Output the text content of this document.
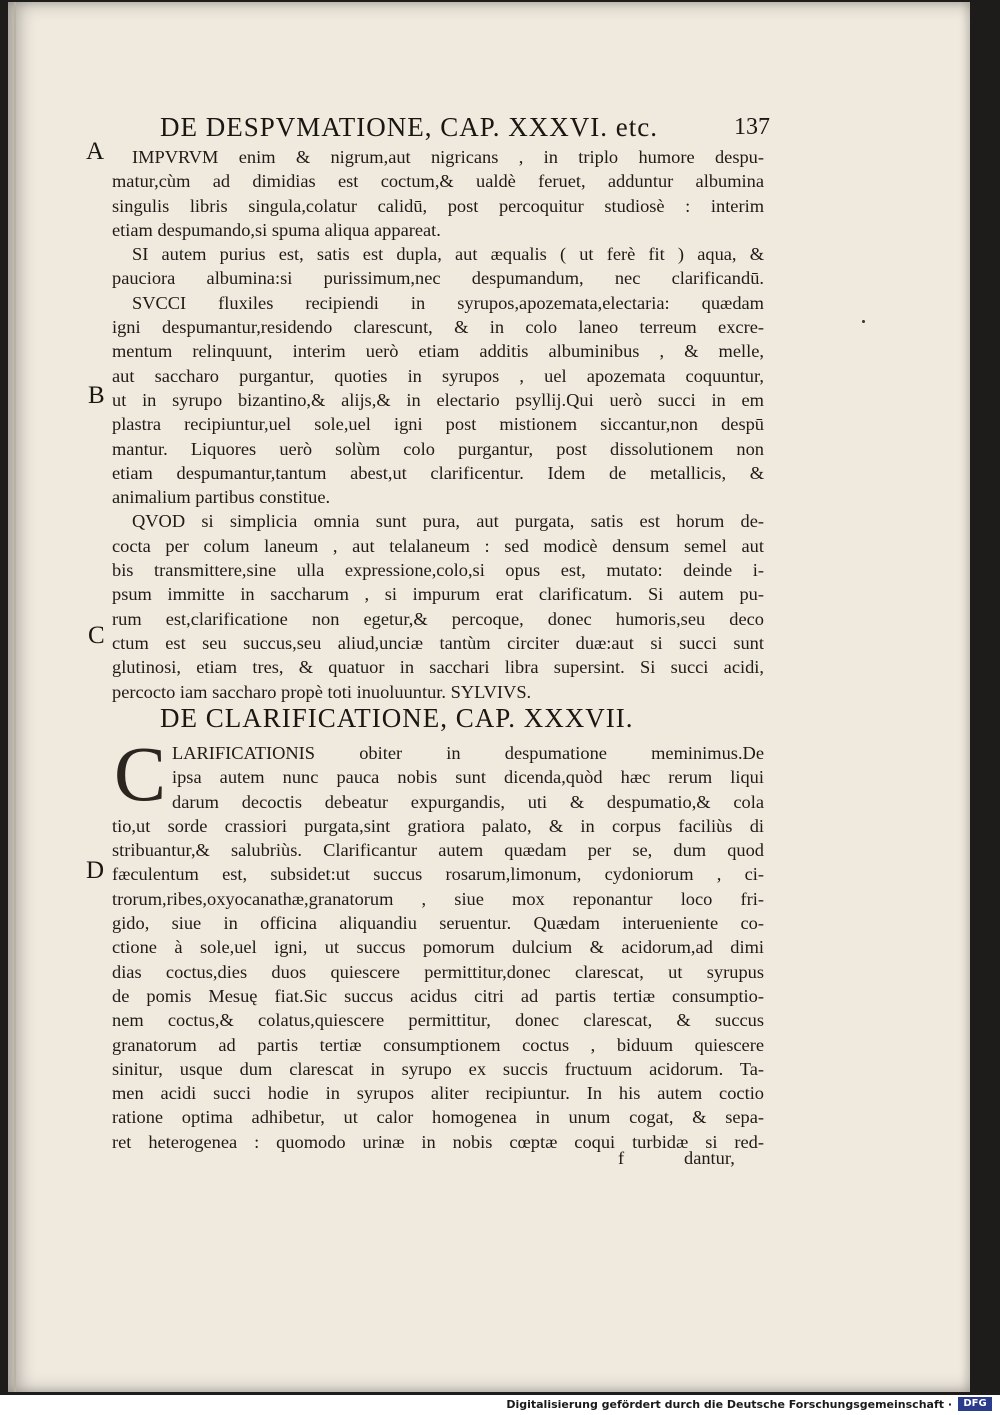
DE DESPVMATIONE, CAP. XXXVI. etc.	137
A
B
C
D
IMPVRVM enim & nigrum,aut nigricans , in triplo humore despu-
matur,cùm ad dimidias est coctum,& ualdè feruet, adduntur albumina
singulis libris singula,colatur calidū, post percoquitur studiosè : interim
etiam despumando,si spuma aliqua appareat.
SI autem purius est, satis est dupla, aut æqualis ( ut ferè fit ) aqua, &
pauciora albumina:si purissimum,nec despumandum, nec clarificandū.
SVCCI fluxiles recipiendi in syrupos,apozemata,electaria: quædam
igni despumantur,residendo clarescunt, & in colo laneo terreum excre-
mentum relinquunt, interim uerò etiam additis albuminibus , & melle,
aut saccharo purgantur, quoties in syrupos , uel apozemata coquuntur,
ut in syrupo bizantino,& alijs,& in electario psyllij.Qui uerò succi in em
plastra recipiuntur,uel sole,uel igni post mistionem siccantur,non despū
mantur. Liquores uerò solùm colo purgantur, post dissolutionem non
etiam despumantur,tantum abest,ut clarificentur. Idem de metallicis, &
animalium partibus constitue.
QVOD si simplicia omnia sunt pura, aut purgata, satis est horum de-
cocta per colum laneum , aut telalaneum : sed modicè densum semel aut
bis transmittere,sine ulla expressione,colo,si opus est, mutato: deinde i-
psum immitte in saccharum , si impurum erat clarificatum. Si autem pu-
rum est,clarificatione non egetur,& percoque, donec humoris,seu deco
ctum est seu succus,seu aliud,unciæ tantùm circiter duæ:aut si succi sunt
glutinosi, etiam tres, & quatuor in sacchari libra supersint. Si succi acidi,
percocto iam saccharo propè toti inuoluuntur. SYLVIVS.
DE CLARIFICATIONE, CAP. XXXVII.
C LARIFICATIONIS obiter in despumatione meminimus.De
ipsa autem nunc pauca nobis sunt dicenda,quòd hæc rerum liqui
darum decoctis debeatur expurgandis, uti & despumatio,& cola
tio,ut sorde crassiori purgata,sint gratiora palato, & in corpus faciliùs di
stribuantur,& salubriùs. Clarificantur autem quædam per se, dum quod
fæculentum est, subsidet:ut succus rosarum,limonum, cydoniorum , ci-
trorum,ribes,oxyocanathæ,granatorum , siue mox reponantur loco fri-
gido, siue in officina aliquandiu seruentur. Quædam interueniente co-
ctione à sole,uel igni, ut succus pomorum dulcium & acidorum,ad dimi
dias coctus,dies duos quiescere permittitur,donec clarescat, ut syrupus
de pomis Mesuę fiat.Sic succus acidus citri ad partis tertiæ consumptio-
nem coctus,& colatus,quiescere permittitur, donec clarescat, & succus
granatorum ad partis tertiæ consumptionem coctus , biduum quiescere
sinitur, usque dum clarescat in syrupo ex succis fructuum acidorum. Ta-
men acidi succi hodie in syrupos aliter recipiuntur. In his autem coctio
ratione optima adhibetur, ut calor homogenea in unum cogat, & sepa-
ret heterogenea : quomodo urinæ in nobis cœptæ coqui turbidæ si red-
f	dantur,
Digitalisierung gefördert durch die Deutsche Forschungsgemeinschaft ·	DFG
